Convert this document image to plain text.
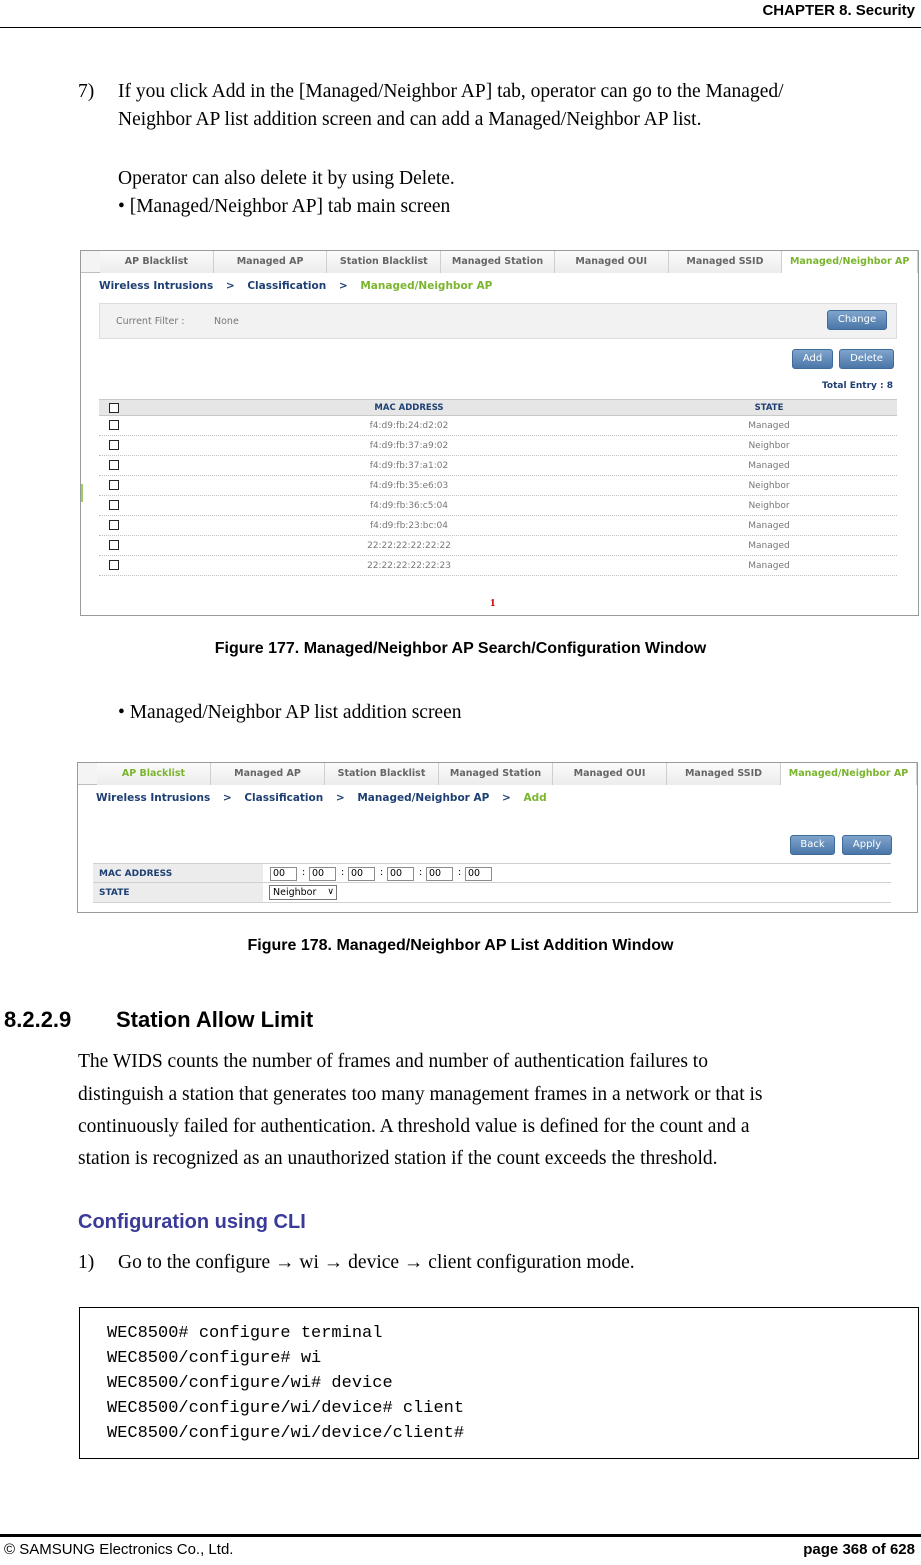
CHAPTER 8. Security
7) If you click Add in the [Managed/Neighbor AP] tab, operator can go to the Managed/
Neighbor AP list addition screen and can add a Managed/Neighbor AP list.
Operator can also delete it by using Delete.
• [Managed/Neighbor AP] tab main screen
AP Blacklist	Managed AP	Station Blacklist	Managed Station	Managed OUI	Managed SSID	Managed/Neighbor AP
Wireless Intrusions > Classification > Managed/Neighbor AP
Current Filter :	None	Change
Add	Delete
Total Entry : 8
MAC ADDRESS	STATE
f4:d9:fb:24:d2:02	Managed
f4:d9:fb:37:a9:02	Neighbor
f4:d9:fb:37:a1:02	Managed
f4:d9:fb:35:e6:03	Neighbor
f4:d9:fb:36:c5:04	Neighbor
f4:d9:fb:23:bc:04	Managed
22:22:22:22:22:22	Managed
22:22:22:22:22:23	Managed
1
Figure 177. Managed/Neighbor AP Search/Configuration Window
• Managed/Neighbor AP list addition screen
AP Blacklist	Managed AP	Station Blacklist	Managed Station	Managed OUI	Managed SSID	Managed/Neighbor AP
Wireless Intrusions > Classification > Managed/Neighbor AP > Add
Back	Apply
MAC ADDRESS	00	: 00	: 00	: 00	: 00	: 00
STATE	Neighbor ∨
Figure 178. Managed/Neighbor AP List Addition Window
8.2.2.9 Station Allow Limit
The WIDS counts the number of frames and number of authentication failures to
distinguish a station that generates too many management frames in a network or that is
continuously failed for authentication. A threshold value is defined for the count and a
station is recognized as an unauthorized station if the count exceeds the threshold.
Configuration using CLI
1) Go to the configure → wi → device → client configuration mode.
WEC8500# configure terminal
WEC8500/configure# wi
WEC8500/configure/wi# device
WEC8500/configure/wi/device# client
WEC8500/configure/wi/device/client#
© SAMSUNG Electronics Co., Ltd.	page 368 of 628
